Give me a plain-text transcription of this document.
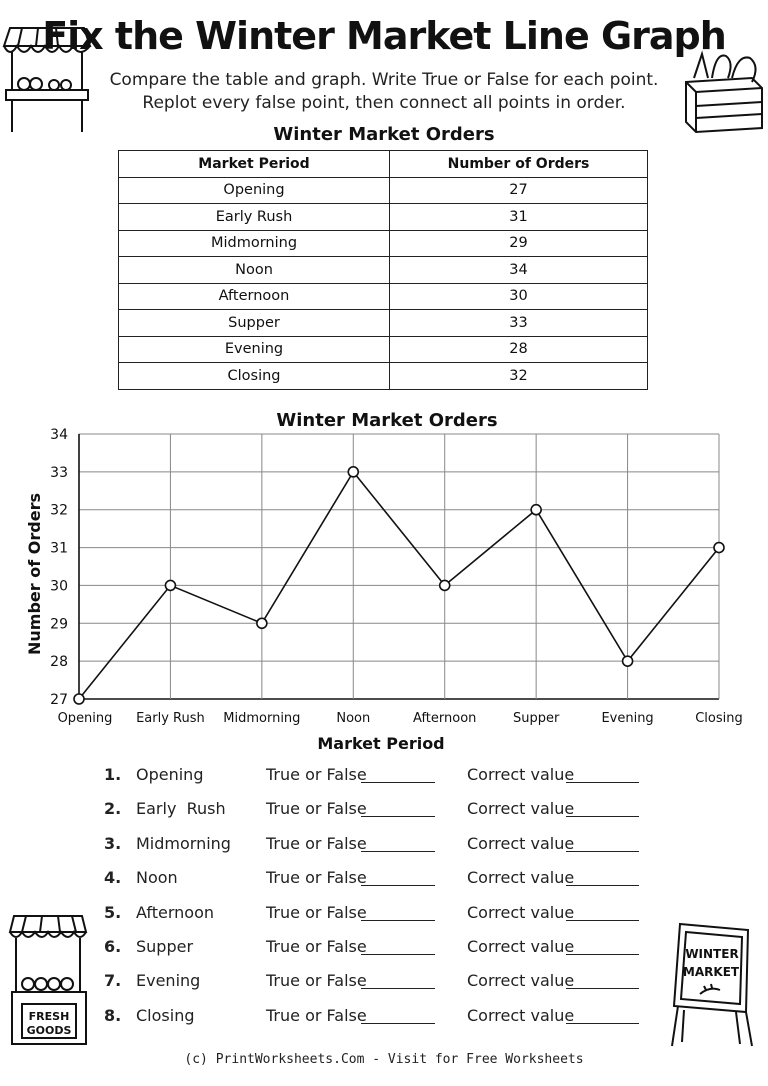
Fix the Winter Market Line Graph
Compare the table and graph. Write True or False for each point.
Replot every false point, then connect all points in order.
FRESH
GOODS
WINTER
MARKET
Winter Market Orders
Market Period	Number of Orders
Opening	27
Early Rush	31
Midmorning	29
Noon	34
Afternoon	30
Supper	33
Evening	28
Closing	32
Winter Market Orders
27
28
29
30
31
32
33
34
Opening Early Rush Midmorning	Noon	Afternoon	Supper	Evening	Closing
Number of Orders
Market Period
1. Opening	True or False	Correct value
2. Early  Rush	True or False	Correct value
3. Midmorning True or False	Correct value
4. Noon	True or False	Correct value
5. Afternoon	True or False	Correct value
6. Supper	True or False	Correct value
7. Evening	True or False	Correct value
8. Closing	True or False	Correct value
(c) PrintWorksheets.Com - Visit for Free Worksheets
